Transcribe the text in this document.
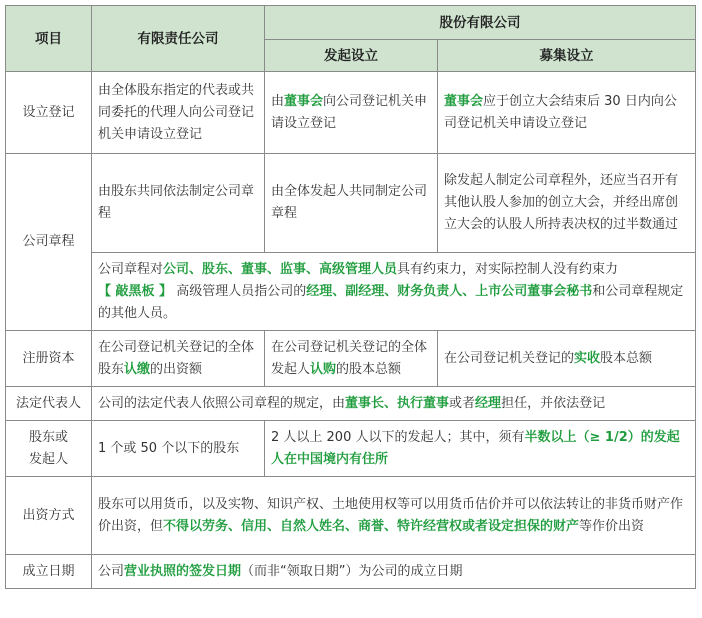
项目	有限责任公司	股份有限公司	
		发起设立	募集设立
设立登记	由全体股东指定的代表或共同委托的代理人向公司登记机关申请设立登记	由董事会向公司登记机关申请设立登记	董事会应于创立大会结束后 30 日内向公司登记机关申请设立登记
公司章程	由股东共同依法制定公司章程	由全体发起人共同制定公司章程	除发起人制定公司章程外，还应当召开有其他认股人参加的创立大会，并经出席创立大会的认股人所持表决权的过半数通过
	公司章程对公司、股东、董事、监事、高级管理人员具有约束力，对实际控制人没有约束力
【 敲黑板 】 高级管理人员指公司的经理、副经理、财务负责人、上市公司董事会秘书和公司章程规定的其他人员。		
注册资本	在公司登记机关登记的全体股东认缴的出资额	在公司登记机关登记的全体发起人认购的股本总额	在公司登记机关登记的实收股本总额
法定代表人	公司的法定代表人依照公司章程的规定，由董事长、执行董事或者经理担任，并依法登记		
股东或
发起人	1 个或 50 个以下的股东	2 人以上 200 人以下的发起人；其中，须有半数以上（≥ 1/2）的发起人在中国境内有住所	
出资方式	股东可以用货币，以及实物、知识产权、土地使用权等可以用货币估价并可以依法转让的非货币财产作价出资，但不得以劳务、信用、自然人姓名、商誉、特许经营权或者设定担保的财产等作价出资		
成立日期	公司营业执照的签发日期（而非“领取日期”）为公司的成立日期		
